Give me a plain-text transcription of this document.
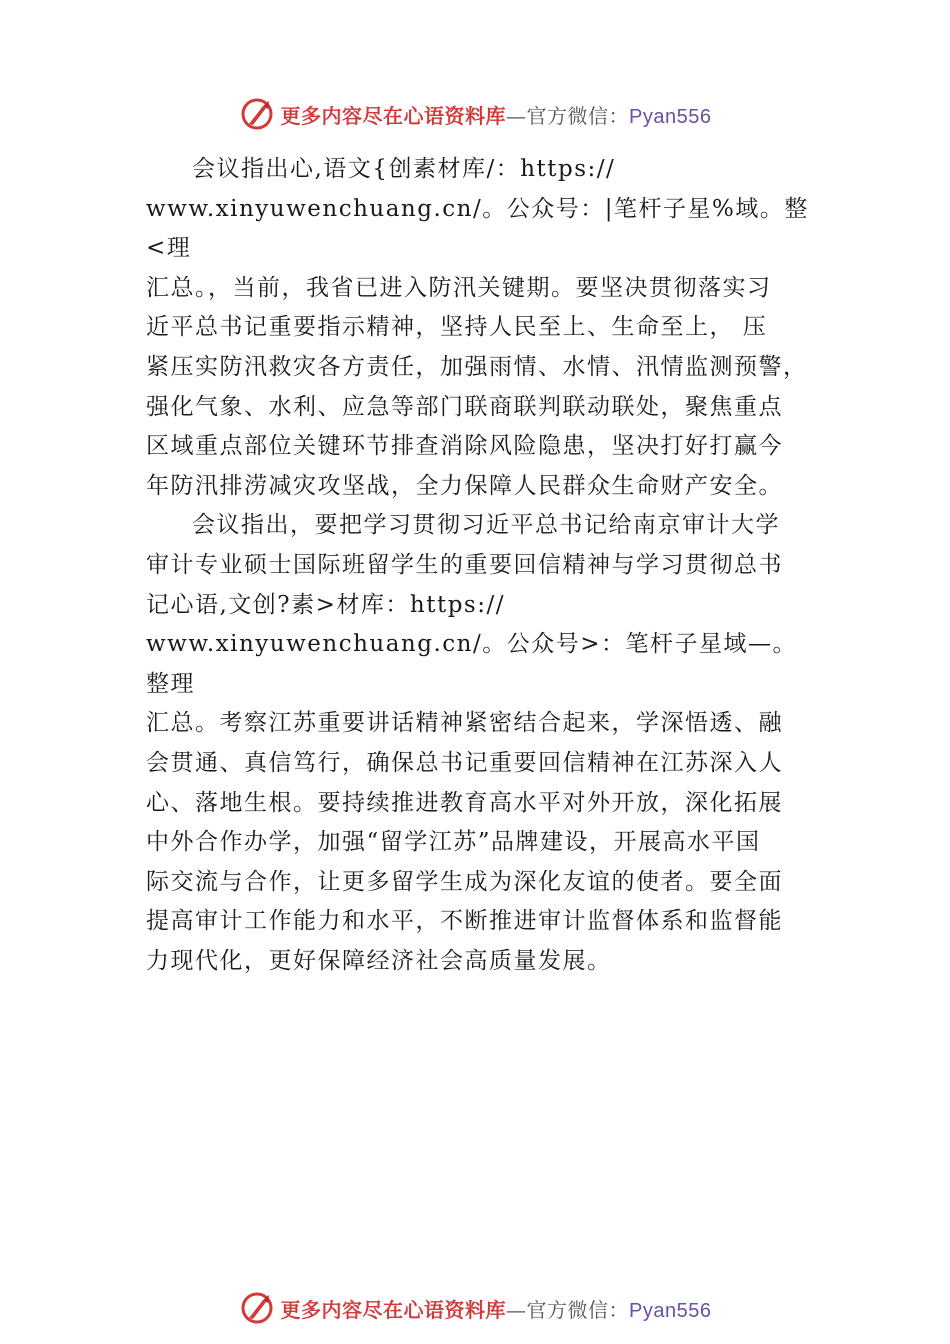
更多内容尽在心语资料库—官方微信：Pyan556

会议指出心,语文{创素材库/：https://

www.xinyuwenchuang.cn/。公众号：|笔杆子星%域。整<理

汇总。，当前，我省已进入防汛关键期。要坚决贯彻落实习

近平总书记重要指示精神，坚持人民至上、生命至上， 压

紧压实防汛救灾各方责任，加强雨情、水情、汛情监测预警，

强化气象、水利、应急等部门联商联判联动联处，聚焦重点

区域重点部位关键环节排查消除风险隐患，坚决打好打赢今

年防汛排涝减灾攻坚战，全力保障人民群众生命财产安全。

会议指出，要把学习贯彻习近平总书记给南京审计大学

审计专业硕士国际班留学生的重要回信精神与学习贯彻总书

记心语,文创?素>材库：https://

www.xinyuwenchuang.cn/。公众号>：笔杆子星域—。整理

汇总。考察江苏重要讲话精神紧密结合起来，学深悟透、融

会贯通、真信笃行，确保总书记重要回信精神在江苏深入人

心、落地生根。要持续推进教育高水平对外开放，深化拓展

中外合作办学，加强“留学江苏”品牌建设，开展高水平国

际交流与合作，让更多留学生成为深化友谊的使者。要全面

提高审计工作能力和水平，不断推进审计监督体系和监督能

力现代化，更好保障经济社会高质量发展。

更多内容尽在心语资料库—官方微信：Pyan556
